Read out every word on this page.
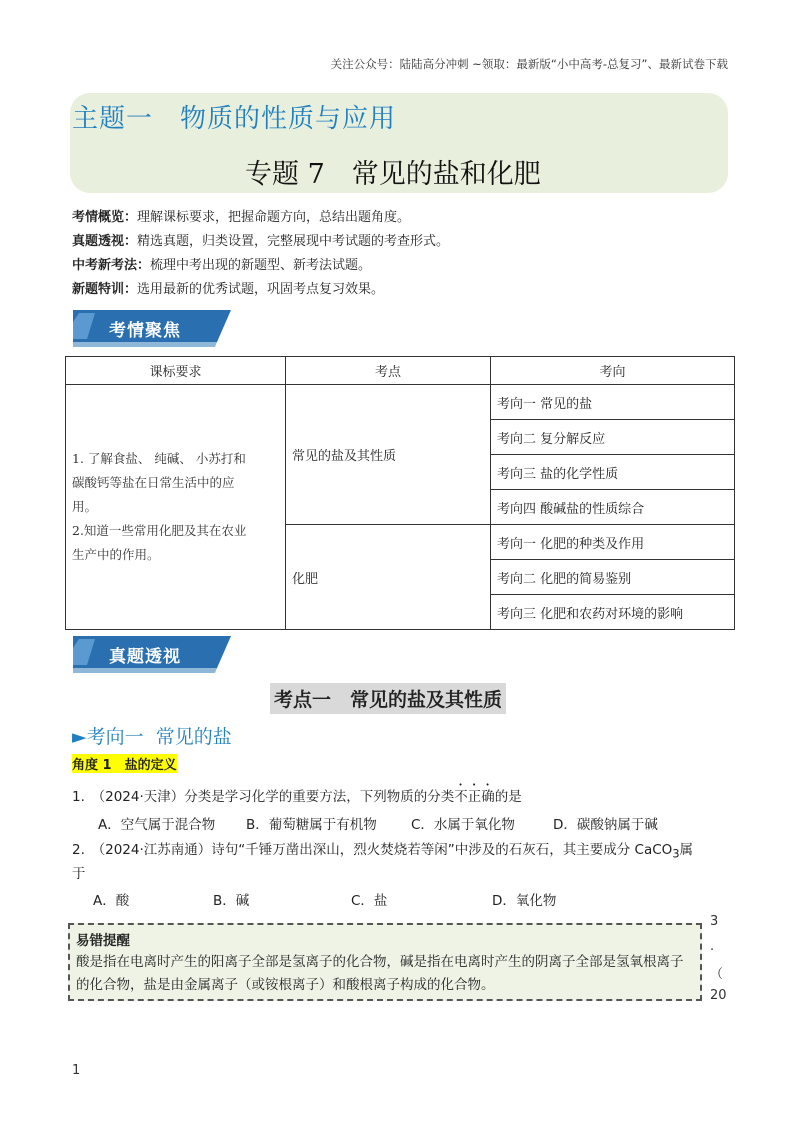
关注公众号：陆陆高分冲刺 ~领取：最新版“小中高考-总复习”、最新试卷下载
主题一　物质的性质与应用
专题 7　常见的盐和化肥
考情概览：理解课标要求，把握命题方向，总结出题角度。
真题透视：精选真题，归类设置，完整展现中考试题的考查形式。
中考新考法：梳理中考出现的新题型、新考法试题。
新题特训：选用最新的优秀试题，巩固考点复习效果。
考情聚焦
课标要求	考点	考向

1. 了解食盐、 纯碱、 小苏打和
碳酸钙等盐在日常生活中的应
用。
2.知道一些常用化肥及其在农业
生产中的作用。	常见的盐及其性质	考向一 常见的盐
		考向二 复分解反应
		考向三 盐的化学性质
		考向四 酸碱盐的性质综合
	化肥	考向一 化肥的种类及作用
		考向二 化肥的简易鉴别
		考向三 化肥和农药对环境的影响
真题透视
考点一　常见的盐及其性质
►考向一  常见的盐
角度 1　盐的定义
1.　（2024·天津）分类是学习化学的重要方法，下列物质的分类不正确的是
A．空气属于混合物 B．葡萄糖属于有机物	C．水属于氧化物	D．碳酸钠属于碱
2.　（2024·江苏南通）诗句“千锤万凿出深山，烈火焚烧若等闲”中涉及的石灰石，其主要成分 CaCO$_3$属
于
A．酸	B．碱	C．盐	D．氧化物
易错提醒
酸是指在电离时产生的阳离子全部是氢离子的化合物，碱是指在电离时产生的阴离子全部是氢氧根离子的化合物，盐是由金属离子（或铵根离子）和酸根离子构成的化合物。
3
.
（
20
1
